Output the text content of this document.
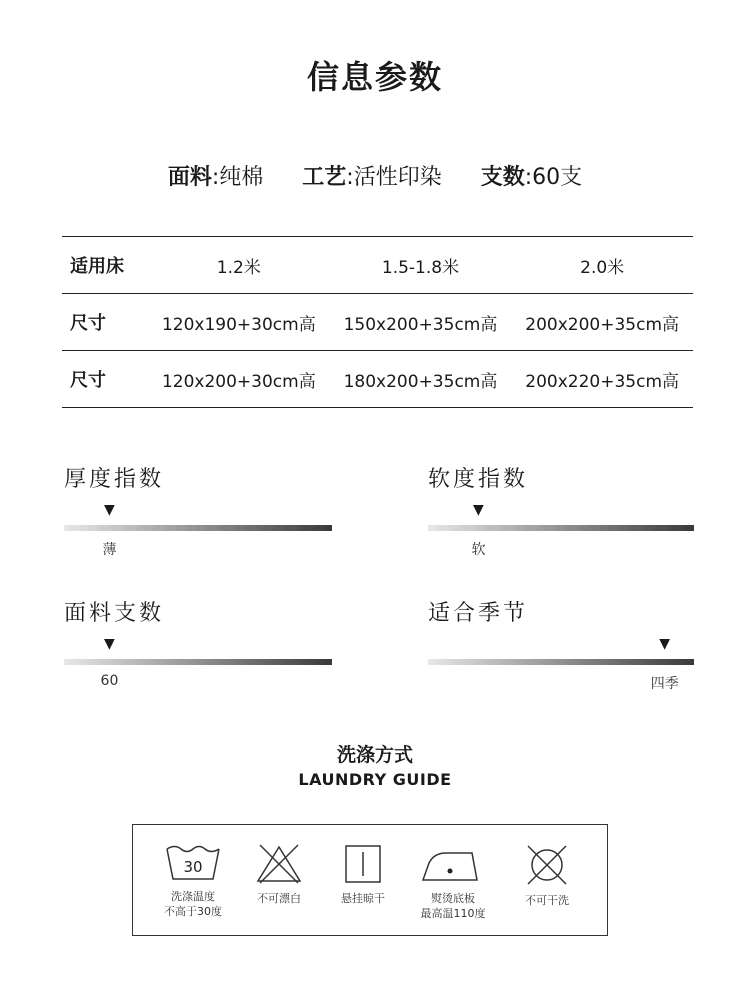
信息参数
面料:纯棉 工艺:活性印染 支数:60支
适用床	1.2米	1.5-1.8米	2.0米
尺寸	120x190+30cm高	150x200+35cm高	200x200+35cm高
尺寸	120x200+30cm高	180x200+35cm高	200x220+35cm高
厚度指数
▼
薄
软度指数
▼
软
面料支数
▼
60
适合季节
▼
四季
洗涤方式
LAUNDRY GUIDE
30
洗涤温度
不高于30度
不可漂白	悬挂晾干	熨烫底板
最高温110度
不可干洗
